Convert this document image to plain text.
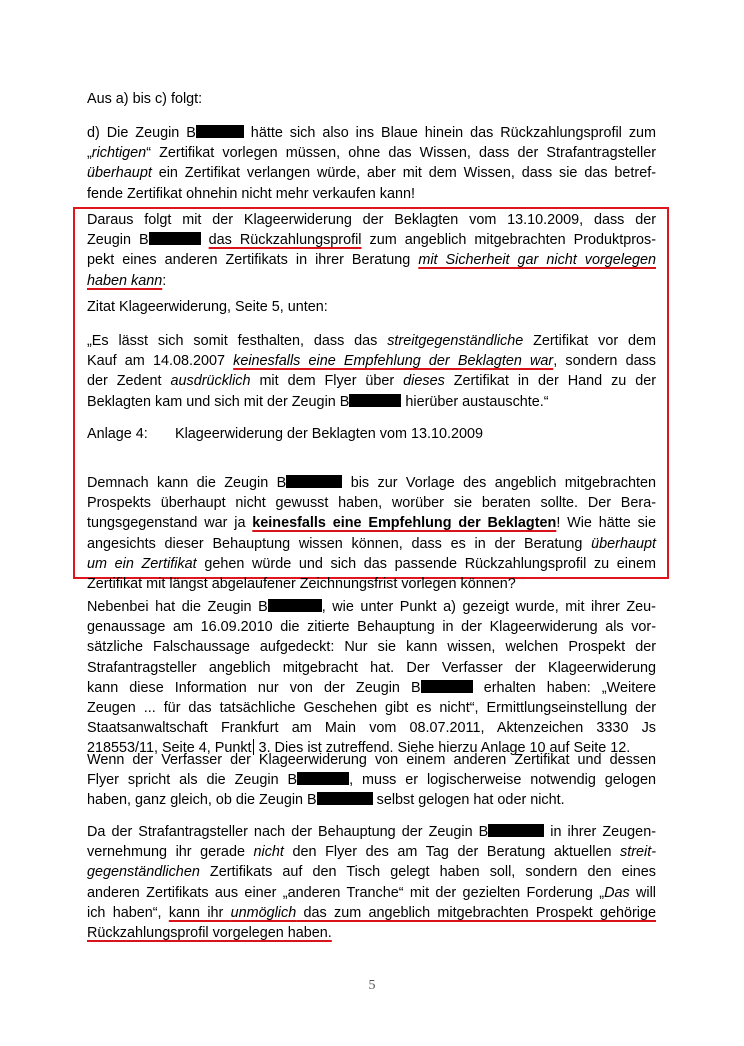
Aus a) bis c) folgt:
d) Die Zeugin B	hätte sich also ins Blaue hinein das Rückzahlungsprofil zum
„richtigen“ Zertifikat vorlegen müssen, ohne das Wissen, dass der Strafantragsteller
überhaupt ein Zertifikat verlangen würde, aber mit dem Wissen, dass sie das betref-
fende Zertifikat ohnehin nicht mehr verkaufen kann!
Daraus folgt mit der Klageerwiderung der Beklagten vom 13.10.2009, dass der
Zeugin B	das Rückzahlungsprofil zum angeblich mitgebrachten Produktpros-
pekt eines anderen Zertifikats in ihrer Beratung mit Sicherheit gar nicht vorgelegen
haben kann:
Zitat Klageerwiderung, Seite 5, unten:
„Es lässt sich somit festhalten, dass das streitgegenständliche Zertifikat vor dem
Kauf am 14.08.2007 keinesfalls eine Empfehlung der Beklagten war, sondern dass
der Zedent ausdrücklich mit dem Flyer über dieses Zertifikat in der Hand zu der
Beklagten kam und sich mit der Zeugin B	hierüber austauschte.“
Anlage 4: Klageerwiderung der Beklagten vom 13.10.2009
Demnach kann die Zeugin B	bis zur Vorlage des angeblich mitgebrachten
Prospekts überhaupt nicht gewusst haben, worüber sie beraten sollte. Der Bera-
tungsgegenstand war ja keinesfalls eine Empfehlung der Beklagten! Wie hätte sie
angesichts dieser Behauptung wissen können, dass es in der Beratung überhaupt
um ein Zertifikat gehen würde und sich das passende Rückzahlungsprofil zu einem
Zertifikat mit längst abgelaufener Zeichnungsfrist vorlegen können?
Nebenbei hat die Zeugin B	, wie unter Punkt a) gezeigt wurde, mit ihrer Zeu-
genaussage am 16.09.2010 die zitierte Behauptung in der Klageerwiderung als vor-
sätzliche Falschaussage aufgedeckt: Nur sie kann wissen, welchen Prospekt der
Strafantragsteller angeblich mitgebracht hat. Der Verfasser der Klageerwiderung
kann diese Information nur von der Zeugin B	erhalten haben: „Weitere
Zeugen ... für das tatsächliche Geschehen gibt es nicht“, Ermittlungseinstellung der
Staatsanwaltschaft Frankfurt am Main vom 08.07.2011, Aktenzeichen 3330 Js
218553/11, Seite 4, Punkt 3. Dies ist zutreffend. Siehe hierzu Anlage 10 auf Seite 12.
Wenn der Verfasser der Klageerwiderung von einem anderen Zertifikat und dessen
Flyer spricht als die Zeugin B	, muss er logischerweise notwendig gelogen
haben, ganz gleich, ob die Zeugin B	selbst gelogen hat oder nicht.
Da der Strafantragsteller nach der Behauptung der Zeugin B	in ihrer Zeugen-
vernehmung ihr gerade nicht den Flyer des am Tag der Beratung aktuellen streit-
gegenständlichen Zertifikats auf den Tisch gelegt haben soll, sondern den eines
anderen Zertifikats aus einer „anderen Tranche“ mit der gezielten Forderung „Das will
ich haben“, kann ihr unmöglich das zum angeblich mitgebrachten Prospekt gehörige
Rückzahlungsprofil vorgelegen haben.
5
